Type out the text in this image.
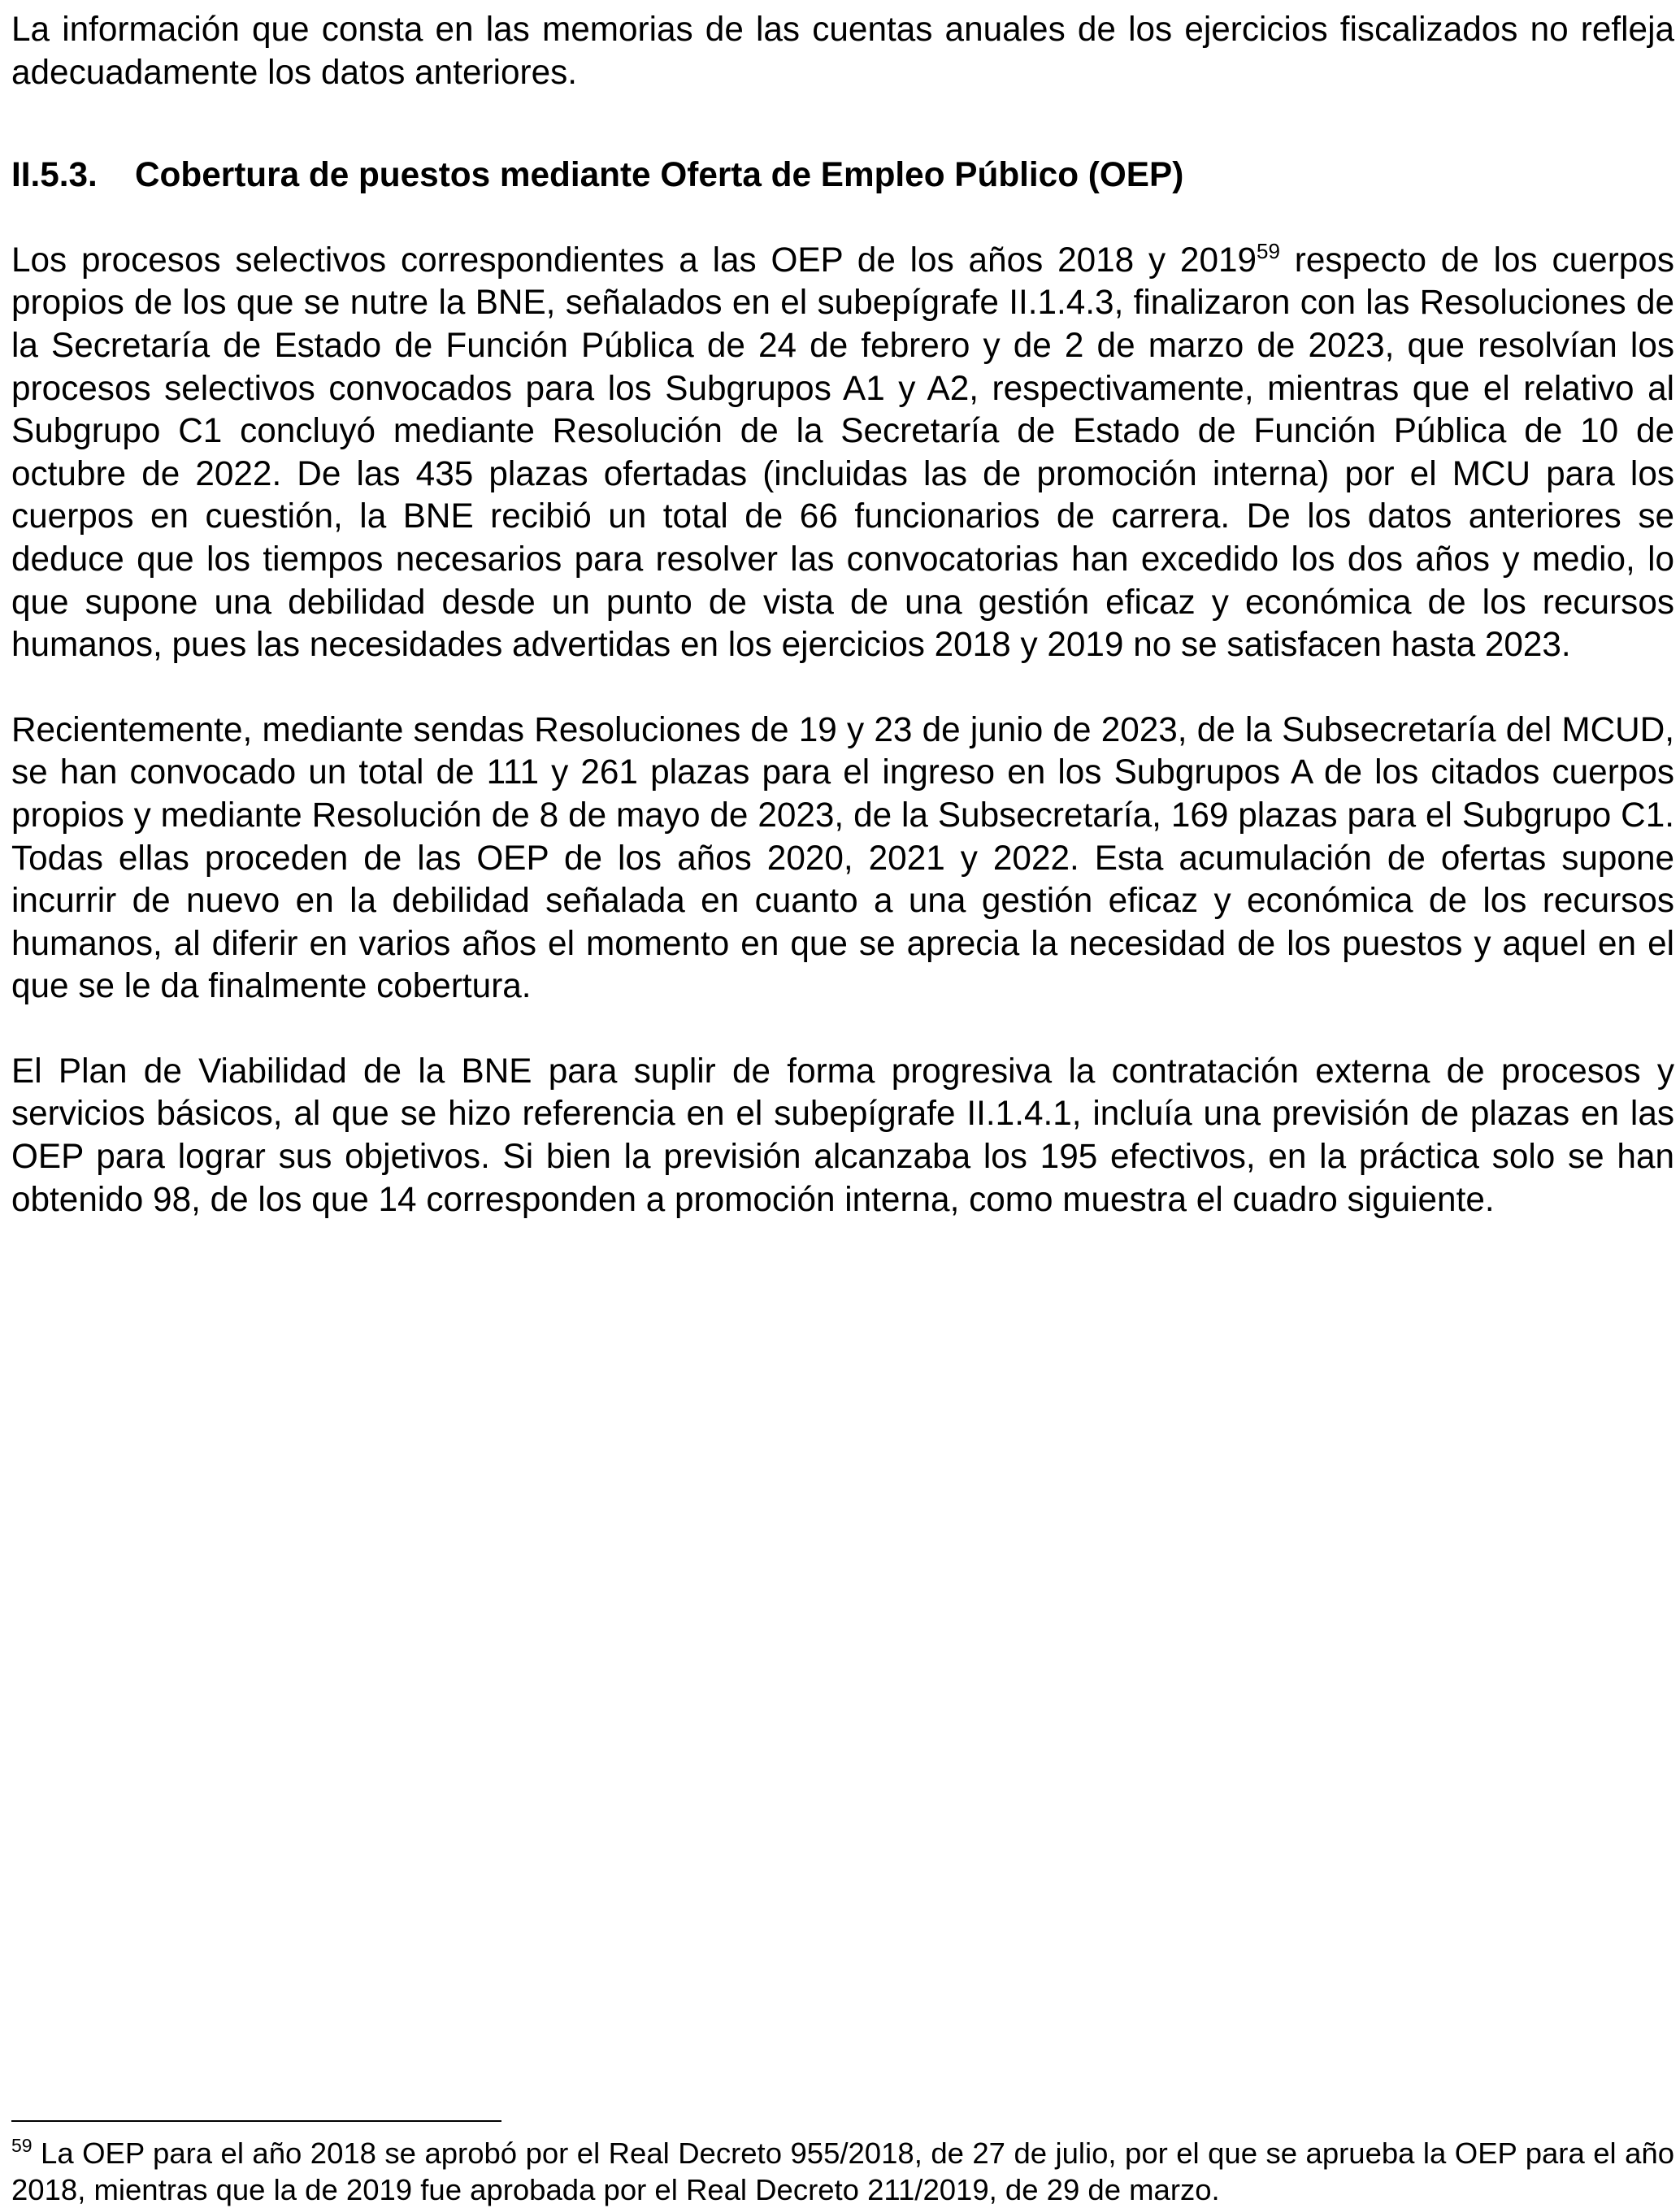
La información que consta en las memorias de las cuentas anuales de los ejercicios fiscalizados no refleja adecuadamente los datos anteriores.

II.5.3. Cobertura de puestos mediante Oferta de Empleo Público (OEP)

Los procesos selectivos correspondientes a las OEP de los años 2018 y 2019$^{59}$ respecto de los cuerpos propios de los que se nutre la BNE, señalados en el subepígrafe II.1.4.3, finalizaron con las Resoluciones de la Secretaría de Estado de Función Pública de 24 de febrero y de 2 de marzo de 2023, que resolvían los procesos selectivos convocados para los Subgrupos A1 y A2, respectivamente, mientras que el relativo al Subgrupo C1 concluyó mediante Resolución de la Secretaría de Estado de Función Pública de 10 de octubre de 2022. De las 435 plazas ofertadas (incluidas las de promoción interna) por el MCU para los cuerpos en cuestión, la BNE recibió un total de 66 funcionarios de carrera. De los datos anteriores se deduce que los tiempos necesarios para resolver las convocatorias han excedido los dos años y medio, lo que supone una debilidad desde un punto de vista de una gestión eficaz y económica de los recursos humanos, pues las necesidades advertidas en los ejercicios 2018 y 2019 no se satisfacen hasta 2023.

Recientemente, mediante sendas Resoluciones de 19 y 23 de junio de 2023, de la Subsecretaría del MCUD, se han convocado un total de 111 y 261 plazas para el ingreso en los Subgrupos A de los citados cuerpos propios y mediante Resolución de 8 de mayo de 2023, de la Subsecretaría, 169 plazas para el Subgrupo C1. Todas ellas proceden de las OEP de los años 2020, 2021 y 2022. Esta acumulación de ofertas supone incurrir de nuevo en la debilidad señalada en cuanto a una gestión eficaz y económica de los recursos humanos, al diferir en varios años el momento en que se aprecia la necesidad de los puestos y aquel en el que se le da finalmente cobertura.

El Plan de Viabilidad de la BNE para suplir de forma progresiva la contratación externa de procesos y servicios básicos, al que se hizo referencia en el subepígrafe II.1.4.1, incluía una previsión de plazas en las OEP para lograr sus objetivos. Si bien la previsión alcanzaba los 195 efectivos, en la práctica solo se han obtenido 98, de los que 14 corresponden a promoción interna, como muestra el cuadro siguiente.

$^{59}$ La OEP para el año 2018 se aprobó por el Real Decreto 955/2018, de 27 de julio, por el que se aprueba la OEP para el año 2018, mientras que la de 2019 fue aprobada por el Real Decreto 211/2019, de 29 de marzo.
